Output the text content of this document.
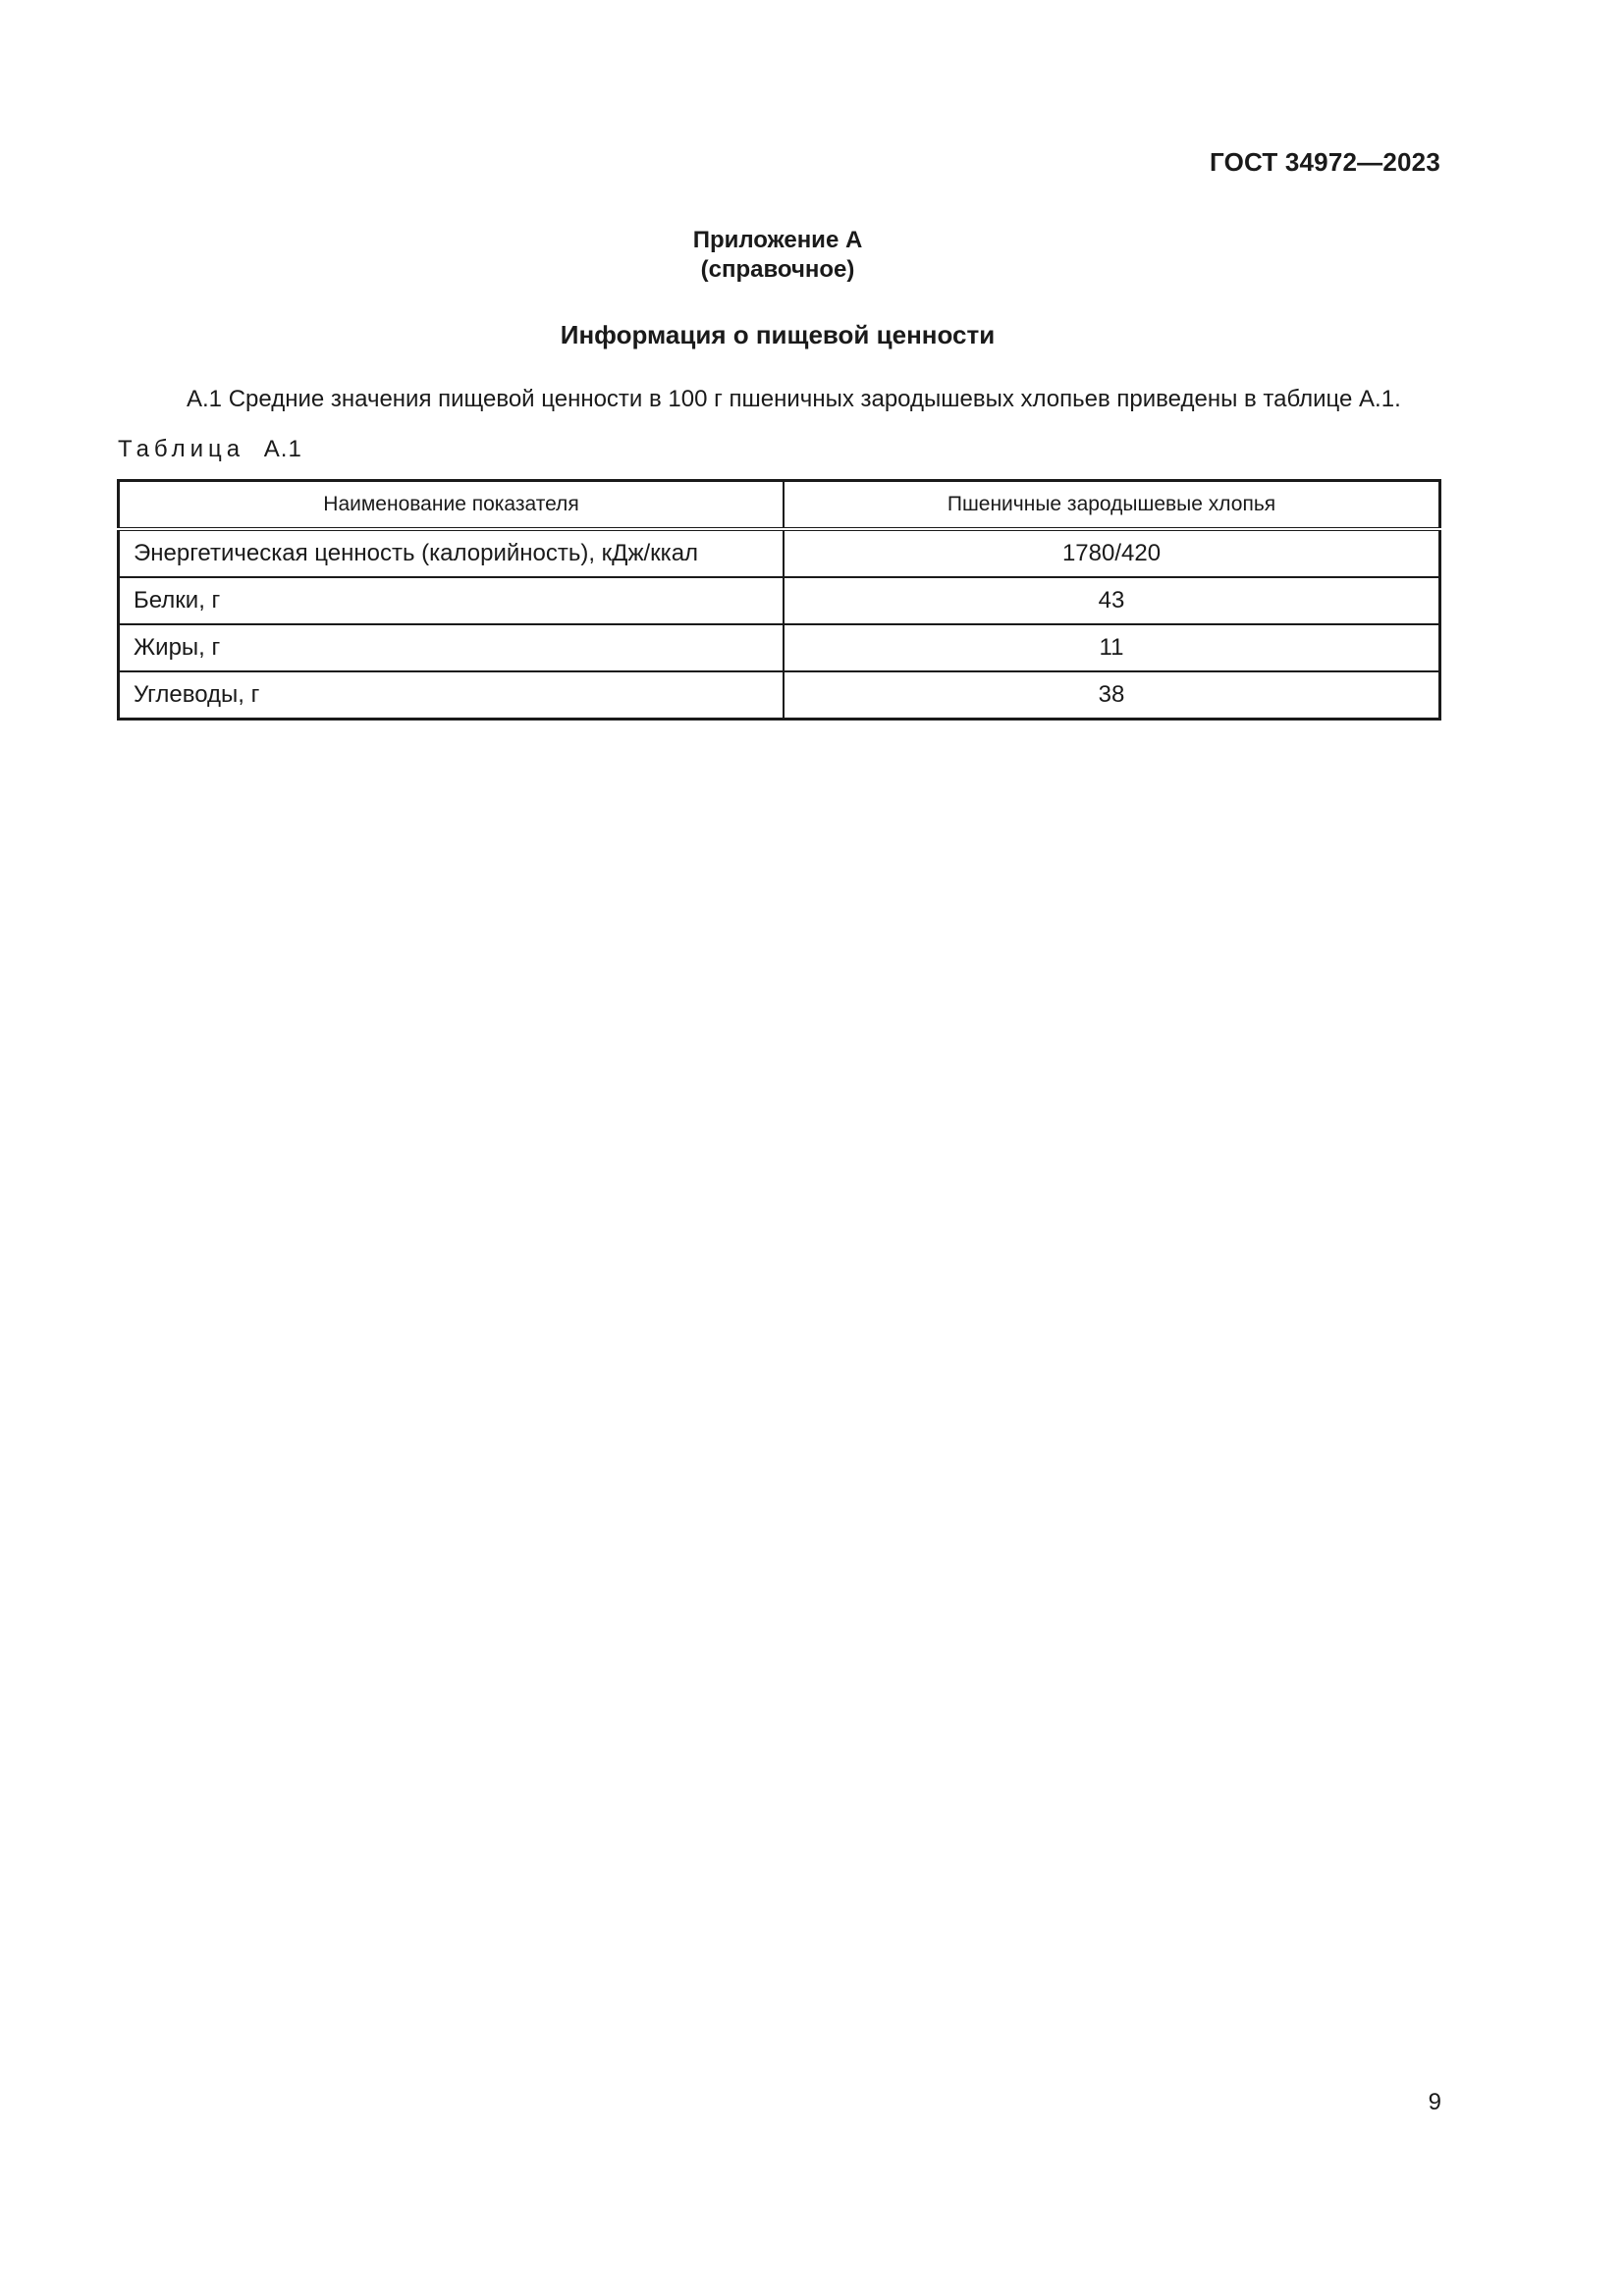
ГОСТ 34972—2023
Приложение А
(справочное)
Информация о пищевой ценности
А.1 Средние значения пищевой ценности в 100 г пшеничных зародышевых хлопьев приведены в таблице А.1.
Таблица А.1
Наименование показателя	Пшеничные зародышевые хлопья
Энергетическая ценность (калорийность), кДж/ккал	1780/420
Белки, г	43
Жиры, г	11
Углеводы, г	38
9
